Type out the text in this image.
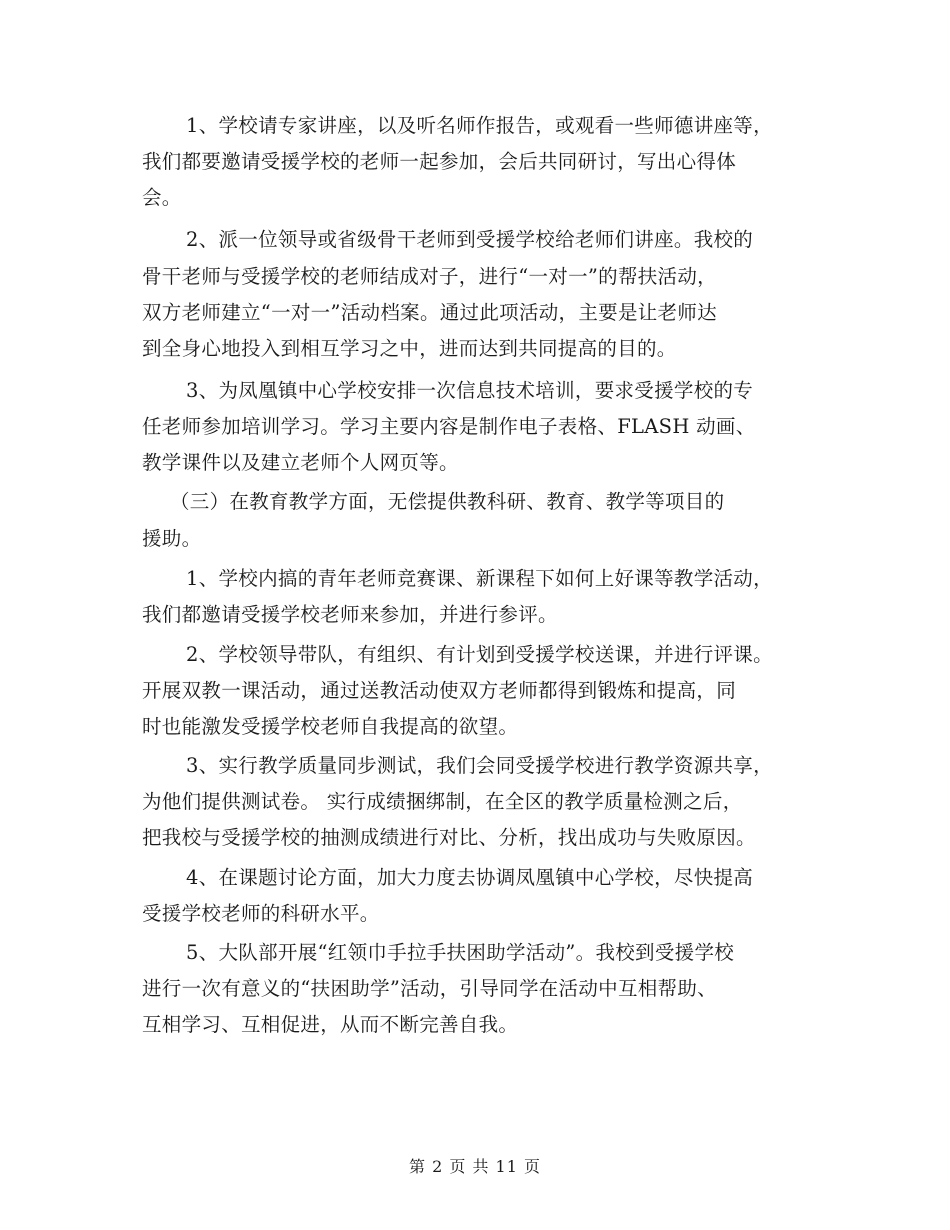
1、学校请专家讲座，以及听名师作报告，或观看一些师德讲座等，
我们都要邀请受援学校的老师一起参加，会后共同研讨，写出心得体
会。
2、派一位领导或省级骨干老师到受援学校给老师们讲座。我校的
骨干老师与受援学校的老师结成对子，进行“一对一”的帮扶活动，
双方老师建立“一对一”活动档案。通过此项活动，主要是让老师达
到全身心地投入到相互学习之中，进而达到共同提高的目的。
3、为凤凰镇中心学校安排一次信息技术培训，要求受援学校的专
任老师参加培训学习。学习主要内容是制作电子表格、FLASH 动画、
教学课件以及建立老师个人网页等。
（三）在教育教学方面，无偿提供教科研、教育、教学等项目的
援助。
1、学校内搞的青年老师竞赛课、新课程下如何上好课等教学活动，
我们都邀请受援学校老师来参加，并进行参评。
2、学校领导带队，有组织、有计划到受援学校送课，并进行评课。
开展双教一课活动，通过送教活动使双方老师都得到锻炼和提高，同
时也能激发受援学校老师自我提高的欲望。
3、实行教学质量同步测试，我们会同受援学校进行教学资源共享，
为他们提供测试卷。 实行成绩捆绑制，在全区的教学质量检测之后，
把我校与受援学校的抽测成绩进行对比、分析，找出成功与失败原因。
4、在课题讨论方面，加大力度去协调凤凰镇中心学校，尽快提高
受援学校老师的科研水平。
5、大队部开展“红领巾手拉手扶困助学活动”。我校到受援学校
进行一次有意义的“扶困助学”活动，引导同学在活动中互相帮助、
互相学习、互相促进，从而不断完善自我。
第 2 页 共 11 页
